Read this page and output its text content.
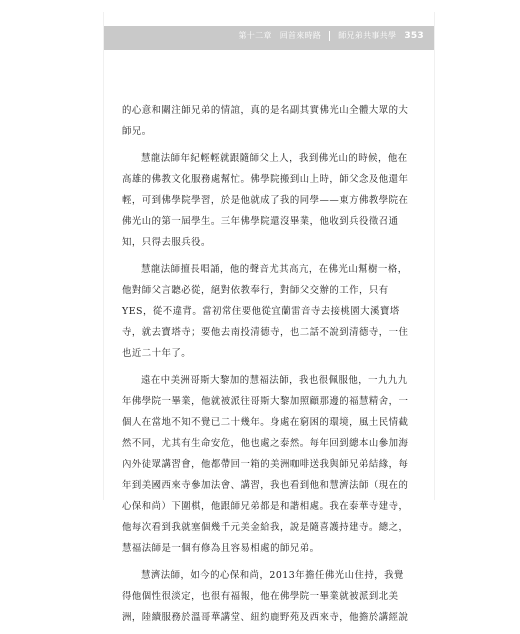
第十二章 回首來時路 師兄弟共事共學 353

的心意和關注師兄弟的情誼，真的是名副其實佛光山全體大眾的大師兄。

慧龍法師年紀輕輕就跟隨師父上人，我到佛光山的時候，他在高雄的佛教文化服務處幫忙。佛學院搬到山上時，師父念及他還年輕，可到佛學院學習，於是他就成了我的同學——東方佛教學院在佛光山的第一屆學生。三年佛學院還沒畢業，他收到兵役徵召通知，只得去服兵役。

慧龍法師擅長唱誦，他的聲音尤其高亢，在佛光山幫樹一格，他對師父言聽必從，絕對依教奉行，對師父交辦的工作，只有YES，從不違背。當初常住要他從宜蘭雷音寺去接桃園大溪寶塔寺，就去寶塔寺；要他去南投清德寺，也二話不說到清德寺，一住也近二十年了。

遠在中美洲哥斯大黎加的慧福法師，我也很佩服他，一九九九年佛學院一畢業，他就被派往哥斯大黎加照顧那邊的福慧精舍，一個人在當地不知不覺已二十幾年。身處在窮困的環境，風土民情截然不同，尤其有生命安危，他也處之泰然。每年回到總本山參加海內外徒眾講習會，他都帶回一箱的美洲咖啡送我與師兄弟結緣，每年到美國西來寺參加法會、講習，我也看到他和慧濟法師（現在的心保和尚）下圍棋，他跟師兄弟都是和諧相處。我在泰華寺建寺，他每次看到我就塞個幾千元美金給我，說是隨喜護持建寺。總之，慧福法師是一個有修為且容易相處的師兄弟。

慧濟法師，如今的心保和尚，2013年擔任佛光山住持，我覺得他個性很淡定，也很有福報，他在佛學院一畢業就被派到北美洲，陸續服務於溫哥華講堂、紐約鹿野苑及西來寺，他擔於講經說
